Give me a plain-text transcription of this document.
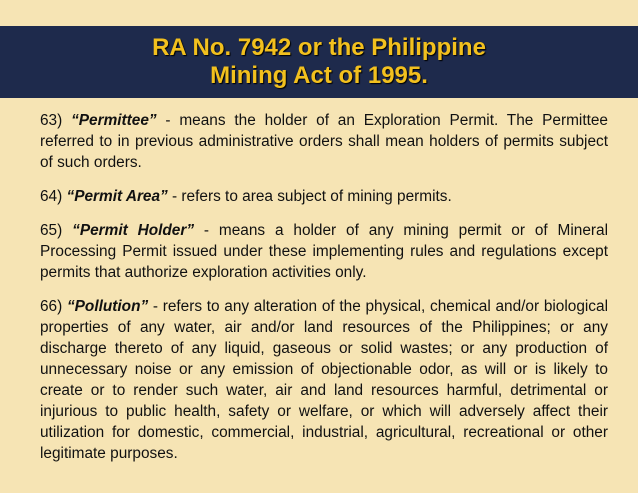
RA No. 7942 or the Philippine
Mining Act of 1995.

63) “Permittee” - means the holder of an Exploration Permit. The Permittee referred to in previous administrative orders shall mean holders of permits subject of such orders.

64) “Permit Area” - refers to area subject of mining permits.

65) “Permit Holder” - means a holder of any mining permit or of Mineral Processing Permit issued under these implementing rules and regulations except permits that authorize exploration activities only.

66) “Pollution” - refers to any alteration of the physical, chemical and/or biological properties of any water, air and/or land resources of the Philippines; or any discharge thereto of any liquid, gaseous or solid wastes; or any production of unnecessary noise or any emission of objectionable odor, as will or is likely to create or to render such water, air and land resources harmful, detrimental or injurious to public health, safety or welfare, or which will adversely affect their utilization for domestic, commercial, industrial, agricultural, recreational or other legitimate purposes.
